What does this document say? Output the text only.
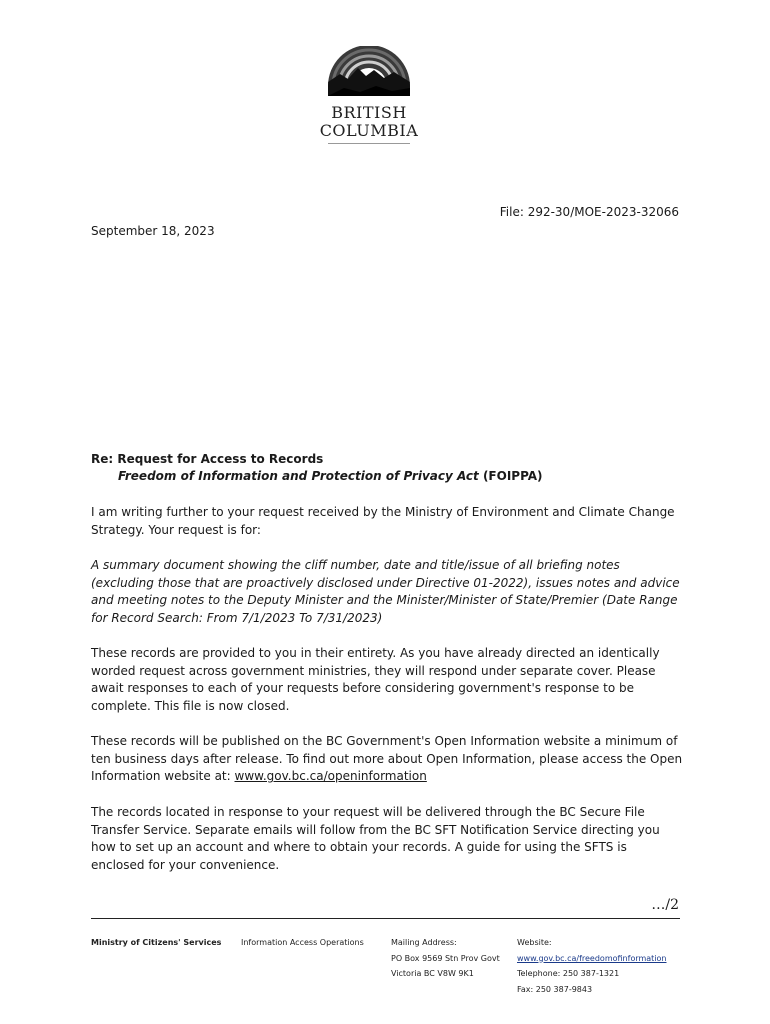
BRITISH
COLUMBIA
File: 292-30/MOE-2023-32066
September 18, 2023
Re: Request for Access to Records
Freedom of Information and Protection of Privacy Act (FOIPPA)

I am writing further to your request received by the Ministry of Environment and Climate Change Strategy. Your request is for:

A summary document showing the cliff number, date and title/issue of all briefing notes (excluding those that are proactively disclosed under Directive 01-2022), issues notes and advice and meeting notes to the Deputy Minister and the Minister/Minister of State/Premier (Date Range for Record Search: From 7/1/2023 To 7/31/2023)

These records are provided to you in their entirety. As you have already directed an identically worded request across government ministries, they will respond under separate cover. Please await responses to each of your requests before considering government's response to be complete. This file is now closed.

These records will be published on the BC Government's Open Information website a minimum of ten business days after release. To find out more about Open Information, please access the Open Information website at: www.gov.bc.ca/openinformation

The records located in response to your request will be delivered through the BC Secure File Transfer Service. Separate emails will follow from the BC SFT Notification Service directing you how to set up an account and where to obtain your records. A guide for using the SFTS is enclosed for your convenience.

…/2
Ministry of Citizens' Services Information Access Operations	Mailing Address:
PO Box 9569 Stn Prov Govt
Victoria BC V8W 9K1
Website:
www.gov.bc.ca/freedomofinformation
Telephone: 250 387-1321
Fax: 250 387-9843
